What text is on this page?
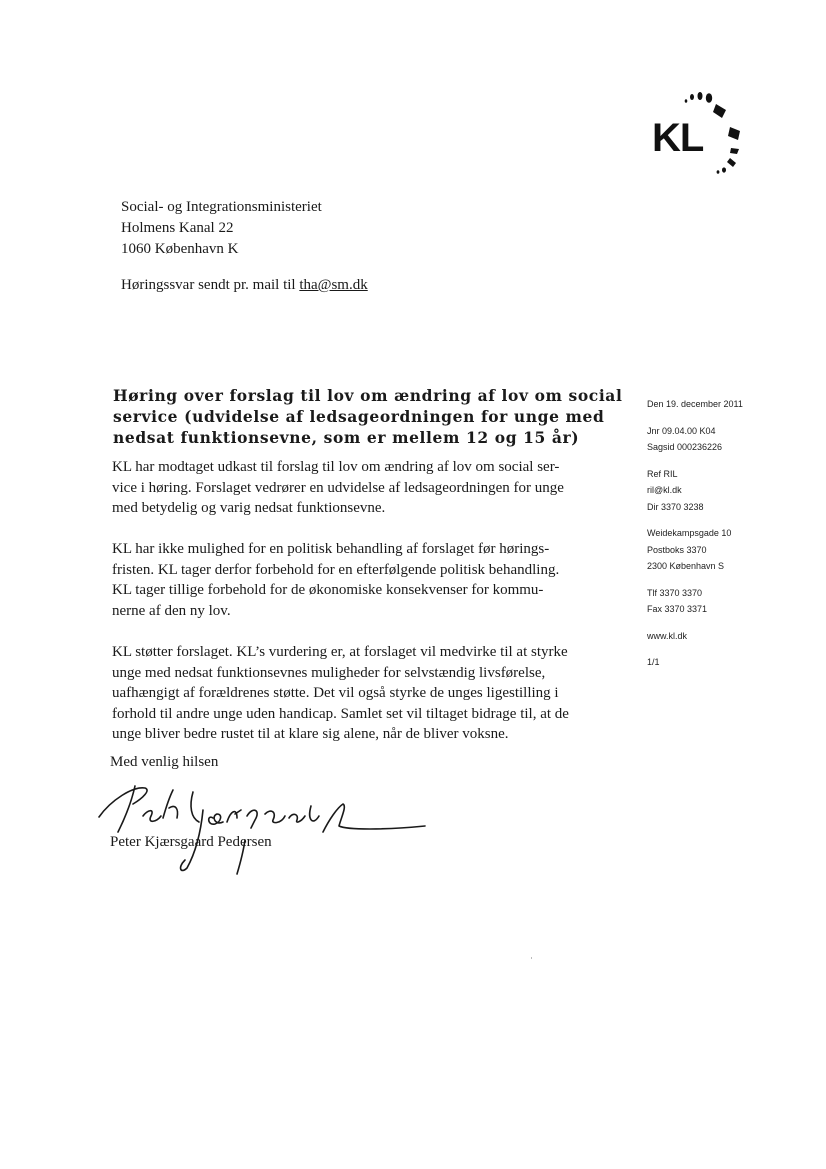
KL
Social- og Integrationsministeriet
Holmens Kanal 22
1060 København K
Høringssvar sendt pr. mail til tha@sm.dk
Høring over forslag til lov om ændring af lov om social
service (udvidelse af ledsageordningen for unge med
nedsat funktionsevne, som er mellem 12 og 15 år)
KL har modtaget udkast til forslag til lov om ændring af lov om social ser-
vice i høring. Forslaget vedrører en udvidelse af ledsageordningen for unge
med betydelig og varig nedsat funktionsevne.
KL har ikke mulighed for en politisk behandling af forslaget før hørings-
fristen. KL tager derfor forbehold for en efterfølgende politisk behandling.
KL tager tillige forbehold for de økonomiske konsekvenser for kommu-
nerne af den ny lov.
KL støtter forslaget. KL’s vurdering er, at forslaget vil medvirke til at styrke
unge med nedsat funktionsevnes muligheder for selvstændig livsførelse,
uafhængigt af forældrenes støtte. Det vil også styrke de unges ligestilling i
forhold til andre unge uden handicap. Samlet set vil tiltaget bidrage til, at de
unge bliver bedre rustet til at klare sig alene, når de bliver voksne.
Med venlig hilsen
Peter Kjærsgaard Pedersen
Den 19. december 2011
Jnr 09.04.00 K04
Sagsid 000236226
Ref RIL
ril@kl.dk
Dir 3370 3238
Weidekampsgade 10
Postboks 3370
2300 København S
Tlf 3370 3370
Fax 3370 3371
www.kl.dk
1/1
